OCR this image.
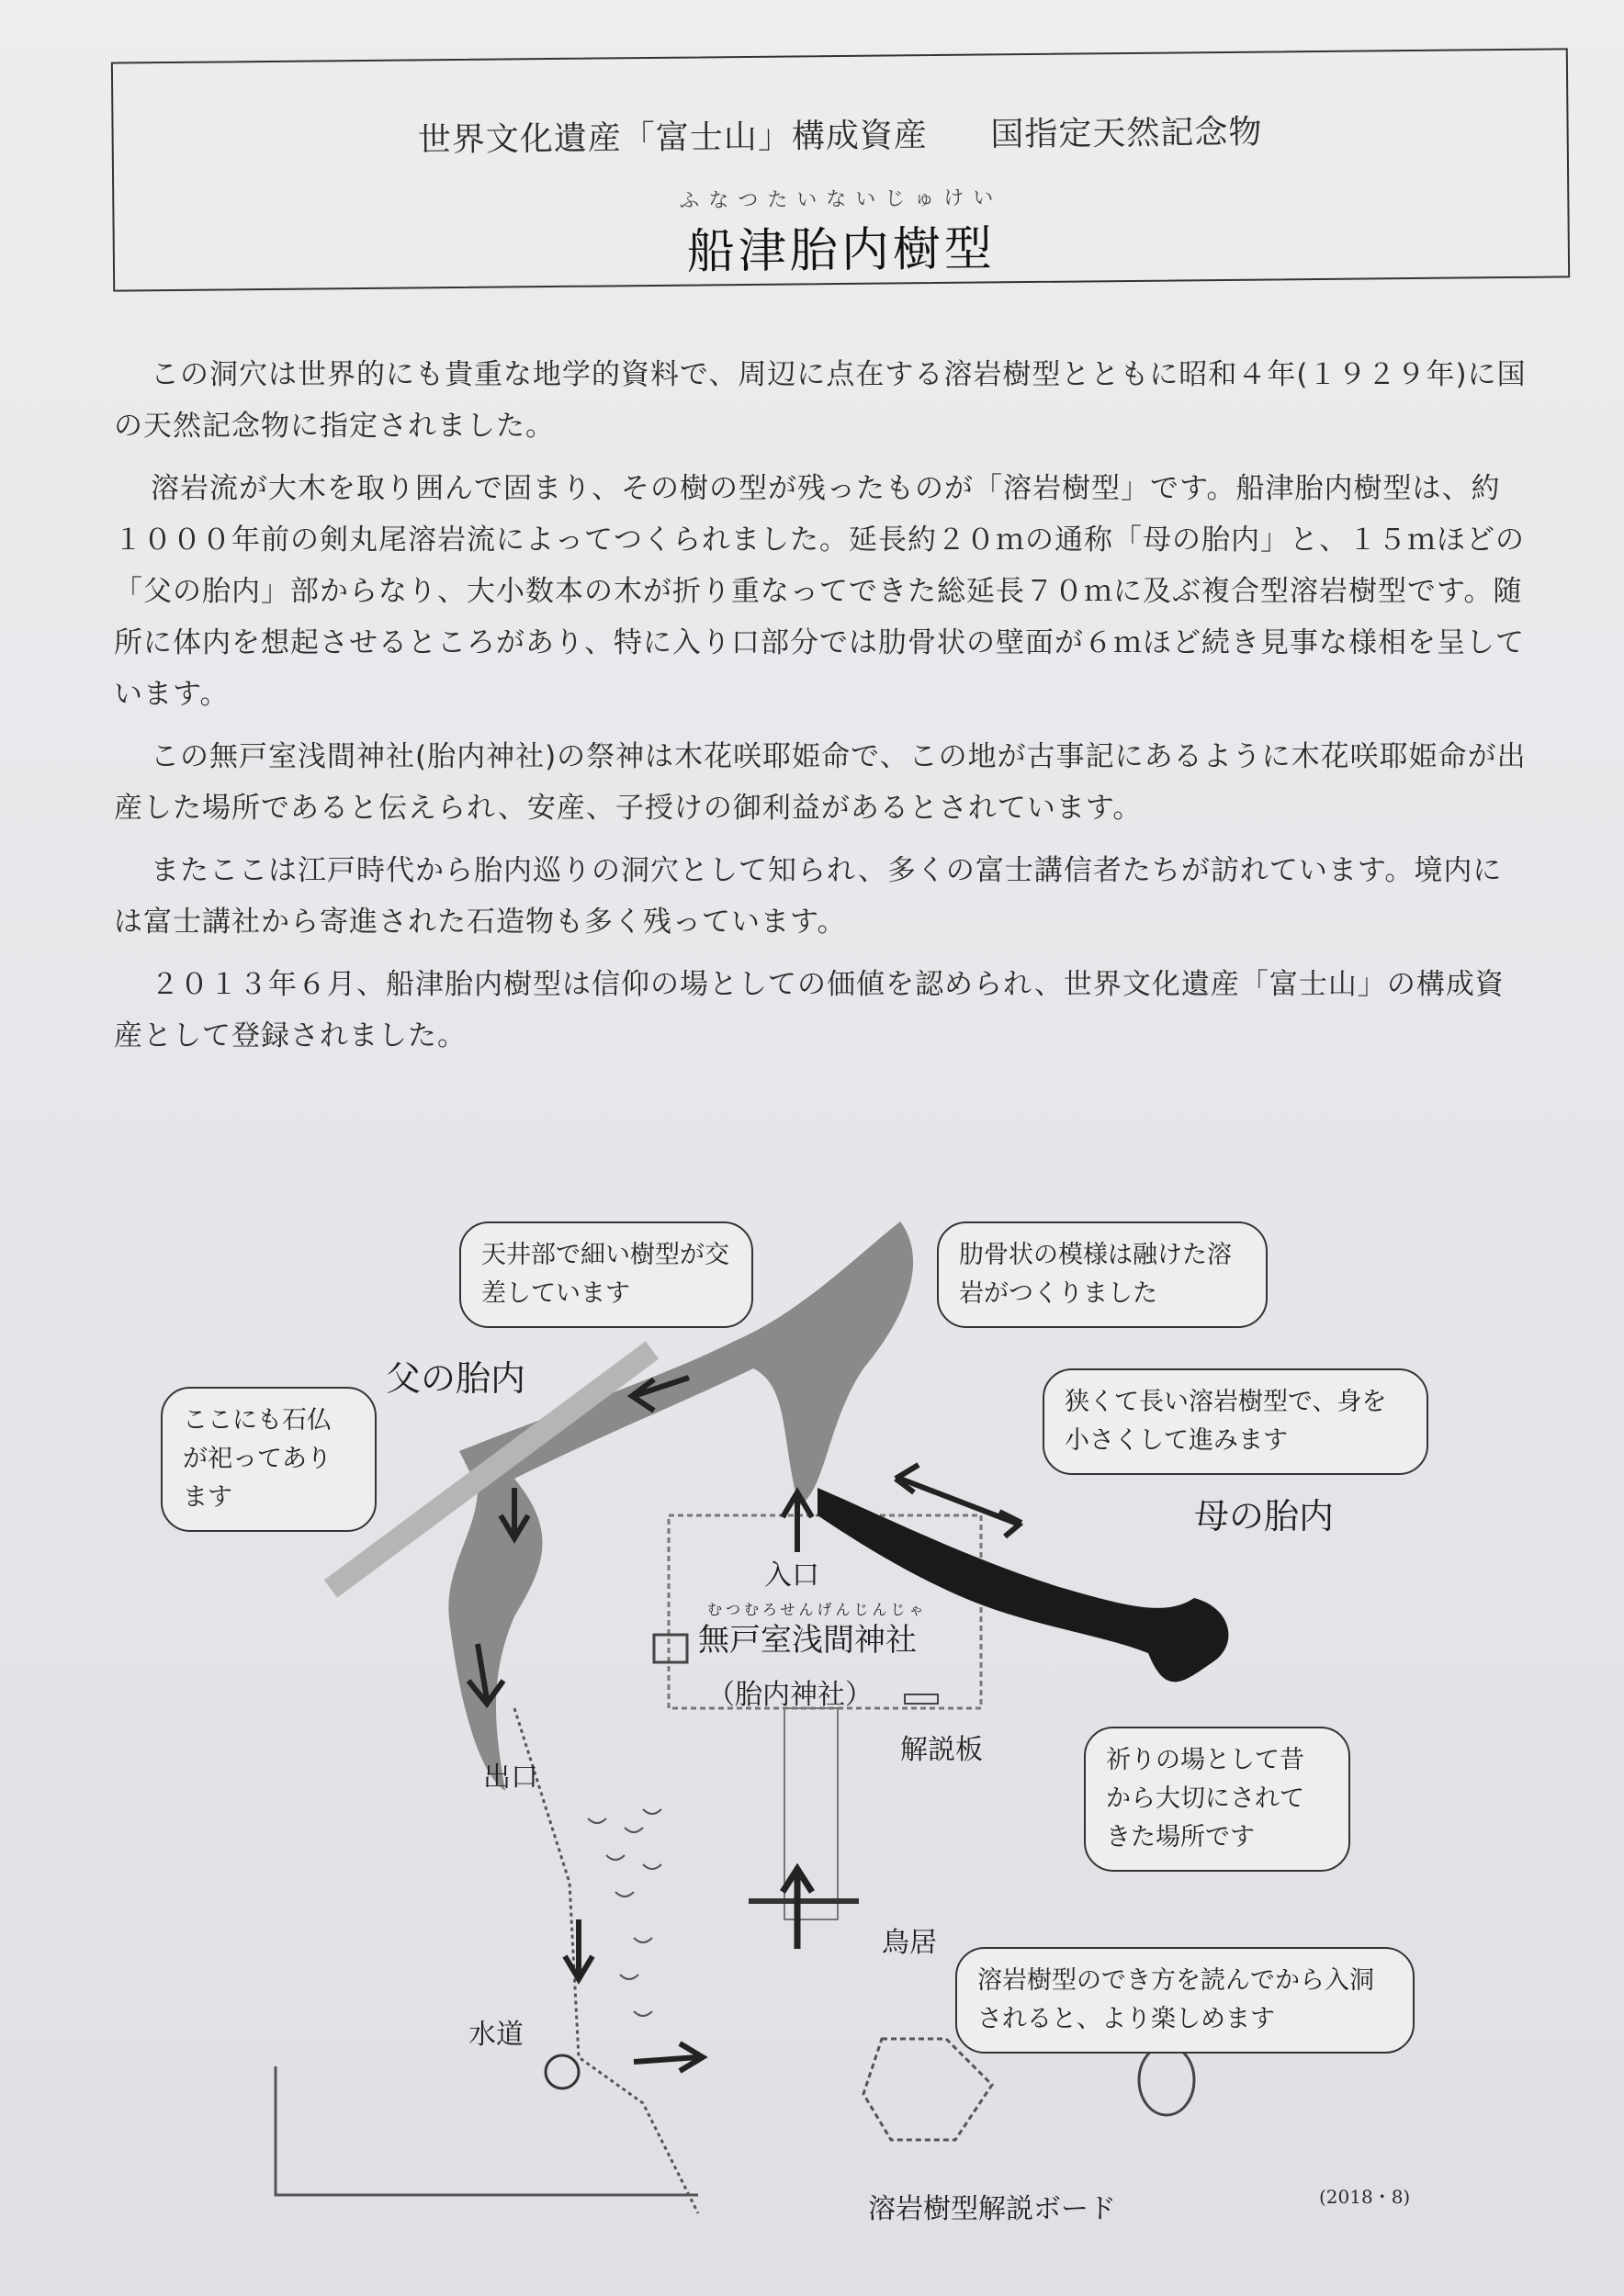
世界文化遺産「富士山」構成資産 国指定天然記念物
ふなつたいないじゅけい
船津胎内樹型

この洞穴は世界的にも貴重な地学的資料で、周辺に点在する溶岩樹型とともに昭和４年(１９２９年)に国の天然記念物に指定されました。

溶岩流が大木を取り囲んで固まり、その樹の型が残ったものが「溶岩樹型」です。船津胎内樹型は、約１０００年前の剣丸尾溶岩流によってつくられました。延長約２０ｍの通称「母の胎内」と、１５ｍほどの「父の胎内」部からなり、大小数本の木が折り重なってできた総延長７０ｍに及ぶ複合型溶岩樹型です。随所に体内を想起させるところがあり、特に入り口部分では肋骨状の壁面が６ｍほど続き見事な様相を呈しています。

この無戸室浅間神社(胎内神社)の祭神は木花咲耶姫命で、この地が古事記にあるように木花咲耶姫命が出産した場所であると伝えられ、安産、子授けの御利益があるとされています。

またここは江戸時代から胎内巡りの洞穴として知られ、多くの富士講信者たちが訪れています。境内には富士講社から寄進された石造物も多く残っています。

２０１３年６月、船津胎内樹型は信仰の場としての価値を認められ、世界文化遺産「富士山」の構成資産として登録されました。

父の胎内
母の胎内
入口
出口
むつむろせんげんじんじゃ
無戸室浅間神社
（胎内神社）
解説板
鳥居
水道
溶岩樹型解説ボード
天井部で細い樹型が交差しています
肋骨状の模様は融けた溶岩がつくりました
ここにも石仏が祀ってあります
狭くて長い溶岩樹型で、身を小さくして進みます
祈りの場として昔から大切にされてきた場所です
溶岩樹型のでき方を読んでから入洞されると、より楽しめます
(2018・8)
